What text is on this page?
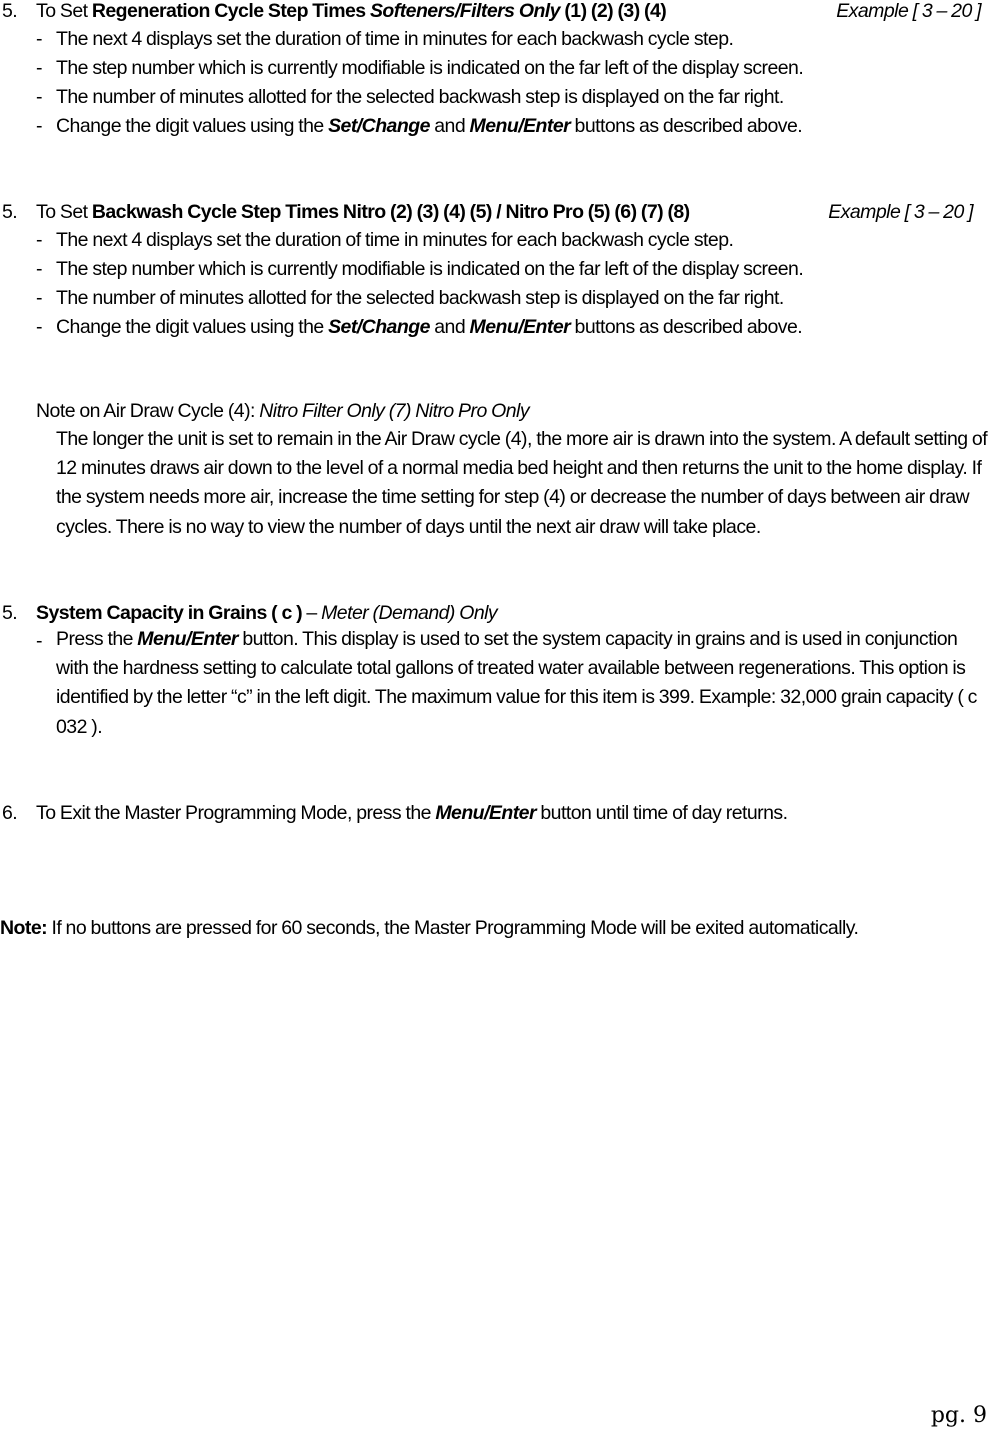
5. To Set Regeneration Cycle Step Times Softeners/Filters Only (1) (2) (3) (4)	Example [ 3 – 20 ]
- The next 4 displays set the duration of time in minutes for each backwash cycle step.
- The step number which is currently modifiable is indicated on the far left of the display screen.
- The number of minutes allotted for the selected backwash step is displayed on the far right.
- Change the digit values using the Set/Change and Menu/Enter buttons as described above.
5. To Set Backwash Cycle Step Times Nitro (2) (3) (4) (5) / Nitro Pro (5) (6) (7) (8)	Example [ 3 – 20 ]
- The next 4 displays set the duration of time in minutes for each backwash cycle step.
- The step number which is currently modifiable is indicated on the far left of the display screen.
- The number of minutes allotted for the selected backwash step is displayed on the far right.
- Change the digit values using the Set/Change and Menu/Enter buttons as described above.
Note on Air Draw Cycle (4): Nitro Filter Only (7) Nitro Pro Only
The longer the unit is set to remain in the Air Draw cycle (4), the more air is drawn into the system. A default setting of 12 minutes draws air down to the level of a normal media bed height and then returns the unit to the home display. If the system needs more air, increase the time setting for step (4) or decrease the number of days between air draw cycles. There is no way to view the number of days until the next air draw will take place.
5. System Capacity in Grains ( c ) – Meter (Demand) Only
- Press the Menu/Enter button. This display is used to set the system capacity in grains and is used in conjunction with the hardness setting to calculate total gallons of treated water available between regenerations. This option is identified by the letter “c” in the left digit. The maximum value for this item is 399. Example: 32,000 grain capacity ( c 032 ).
6. To Exit the Master Programming Mode, press the Menu/Enter button until time of day returns.
Note: If no buttons are pressed for 60 seconds, the Master Programming Mode will be exited automatically.
pg. 9
